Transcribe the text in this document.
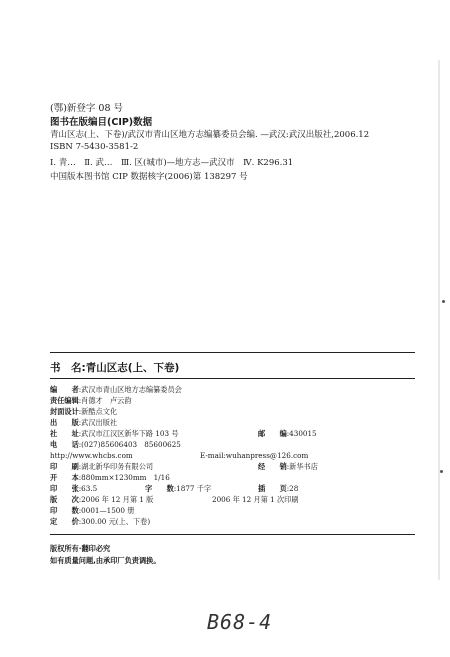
(鄂)新登字 08 号
图书在版编目(CIP)数据
青山区志(上、下卷)/武汉市青山区地方志编纂委员会编. —武汉:武汉出版社,2006.12
ISBN 7-5430-3581-2
Ⅰ. 青…　Ⅱ. 武…　Ⅲ. 区(城市)—地方志—武汉市　Ⅳ. K296.31
中国版本图书馆 CIP 数据核字(2006)第 138297 号
书　名:青山区志(上、下卷)
编　　者:武汉市青山区地方志编纂委员会
责任编辑:肖德才　卢云韵
封面设计:新酷点文化
出　　版:武汉出版社
社　　址:武汉市江汉区新华下路 103 号	邮　　编:430015
电　　话:(027)85606403　85600625
http://www.whcbs.com	E-mail:wuhanpress@126.com
印　　刷:湖北新华印务有限公司	经　　销:新华书店
开　　本:880mm×1230mm　1/16
印　　张:63.5	字　　数:1877 千字	插　　页:28
版　　次:2006 年 12 月第 1 版	2006 年 12 月第 1 次印刷
印　　数:0001—1500 册
定　　价:300.00 元(上、下卷)
版权所有·翻印必究
如有质量问题,由承印厂负责调换。
B68-4
